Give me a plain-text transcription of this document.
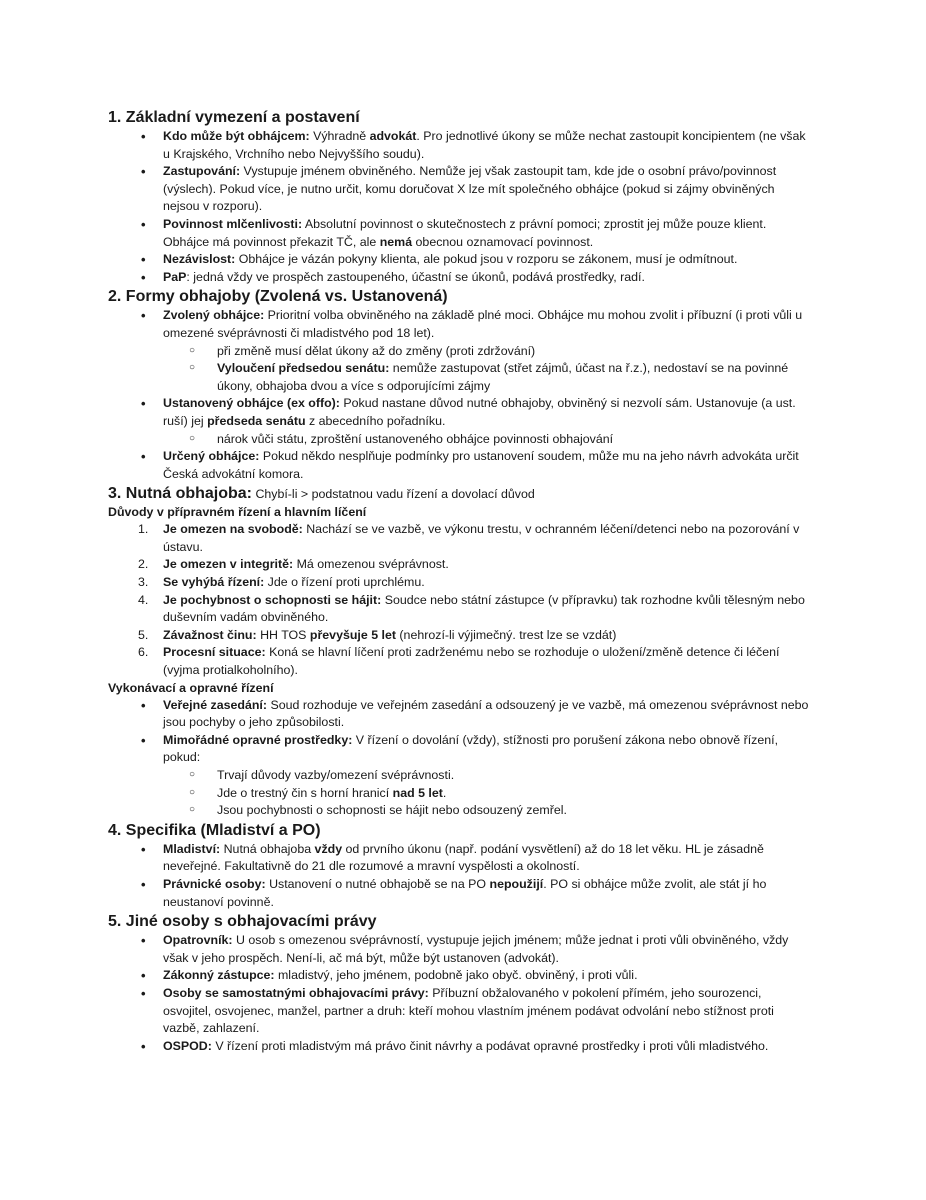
1. Základní vymezení a postavení
• Kdo může být obhájcem: Výhradně advokát. Pro jednotlivé úkony se může nechat zastoupit koncipientem (ne však u Krajského, Vrchního nebo Nejvyššího soudu).
• Zastupování: Vystupuje jménem obviněného. Nemůže jej však zastoupit tam, kde jde o osobní právo/povinnost (výslech). Pokud více, je nutno určit, komu doručovat X lze mít společného obhájce (pokud si zájmy obviněných nejsou v rozporu).
• Povinnost mlčenlivosti: Absolutní povinnost o skutečnostech z právní pomoci; zprostit jej může pouze klient. Obhájce má povinnost překazit TČ, ale nemá obecnou oznamovací povinnost.
• Nezávislost: Obhájce je vázán pokyny klienta, ale pokud jsou v rozporu se zákonem, musí je odmítnout.
• PaP: jedná vždy ve prospěch zastoupeného, účastní se úkonů, podává prostředky, radí.
2. Formy obhajoby (Zvolená vs. Ustanovená)
• Zvolený obhájce: Prioritní volba obviněného na základě plné moci. Obhájce mu mohou zvolit i příbuzní (i proti vůli u omezené svéprávnosti či mladistvého pod 18 let).
○ při změně musí dělat úkony až do změny (proti zdržování)
○ Vyloučení předsedou senátu: nemůže zastupovat (střet zájmů, účast na ř.z.), nedostaví se na povinné úkony, obhajoba dvou a více s odporujícími zájmy
• Ustanovený obhájce (ex offo): Pokud nastane důvod nutné obhajoby, obviněný si nezvolí sám. Ustanovuje (a ust. ruší) jej předseda senátu z abecedního pořadníku.
○ nárok vůči státu, zproštění ustanoveného obhájce povinnosti obhajování
• Určený obhájce: Pokud někdo nesplňuje podmínky pro ustanovení soudem, může mu na jeho návrh advokáta určit Česká advokátní komora.
3. Nutná obhajoba: Chybí-li > podstatnou vadu řízení a dovolací důvod

Důvody v přípravném řízení a hlavním líčení

1. Je omezen na svobodě: Nachází se ve vazbě, ve výkonu trestu, v ochranném léčení/detenci nebo na pozorování v ústavu.
2. Je omezen v integritě: Má omezenou svéprávnost.
3. Se vyhýbá řízení: Jde o řízení proti uprchlému.
4. Je pochybnost o schopnosti se hájit: Soudce nebo státní zástupce (v přípravku) tak rozhodne kvůli tělesným nebo duševním vadám obviněného.
5. Závažnost činu: HH TOS převyšuje 5 let (nehrozí-li výjimečný. trest lze se vzdát)
6. Procesní situace: Koná se hlavní líčení proti zadrženému nebo se rozhoduje o uložení/změně detence či léčení (vyjma protialkoholního).

Vykonávací a opravné řízení

• Veřejné zasedání: Soud rozhoduje ve veřejném zasedání a odsouzený je ve vazbě, má omezenou svéprávnost nebo jsou pochyby o jeho způsobilosti.
• Mimořádné opravné prostředky: V řízení o dovolání (vždy), stížnosti pro porušení zákona nebo obnově řízení, pokud:
○ Trvají důvody vazby/omezení svéprávnosti.
○ Jde o trestný čin s horní hranicí nad 5 let.
○ Jsou pochybnosti o schopnosti se hájit nebo odsouzený zemřel.
4. Specifika (Mladiství a PO)
• Mladiství: Nutná obhajoba vždy od prvního úkonu (např. podání vysvětlení) až do 18 let věku. HL je zásadně neveřejné. Fakultativně do 21 dle rozumové a mravní vyspělosti a okolností.
• Právnické osoby: Ustanovení o nutné obhajobě se na PO nepoužijí. PO si obhájce může zvolit, ale stát jí ho neustanoví povinně.
5. Jiné osoby s obhajovacími právy
• Opatrovník: U osob s omezenou svéprávností, vystupuje jejich jménem; může jednat i proti vůli obviněného, vždy však v jeho prospěch. Není-li, ač má být, může být ustanoven (advokát).
• Zákonný zástupce: mladistvý, jeho jménem, podobně jako obyč. obviněný, i proti vůli.
• Osoby se samostatnými obhajovacími právy: Příbuzní obžalovaného v pokolení přímém, jeho sourozenci, osvojitel, osvojenec, manžel, partner a druh: kteří mohou vlastním jménem podávat odvolání nebo stížnost proti vazbě, zahlazení.
• OSPOD: V řízení proti mladistvým má právo činit návrhy a podávat opravné prostředky i proti vůli mladistvého.
